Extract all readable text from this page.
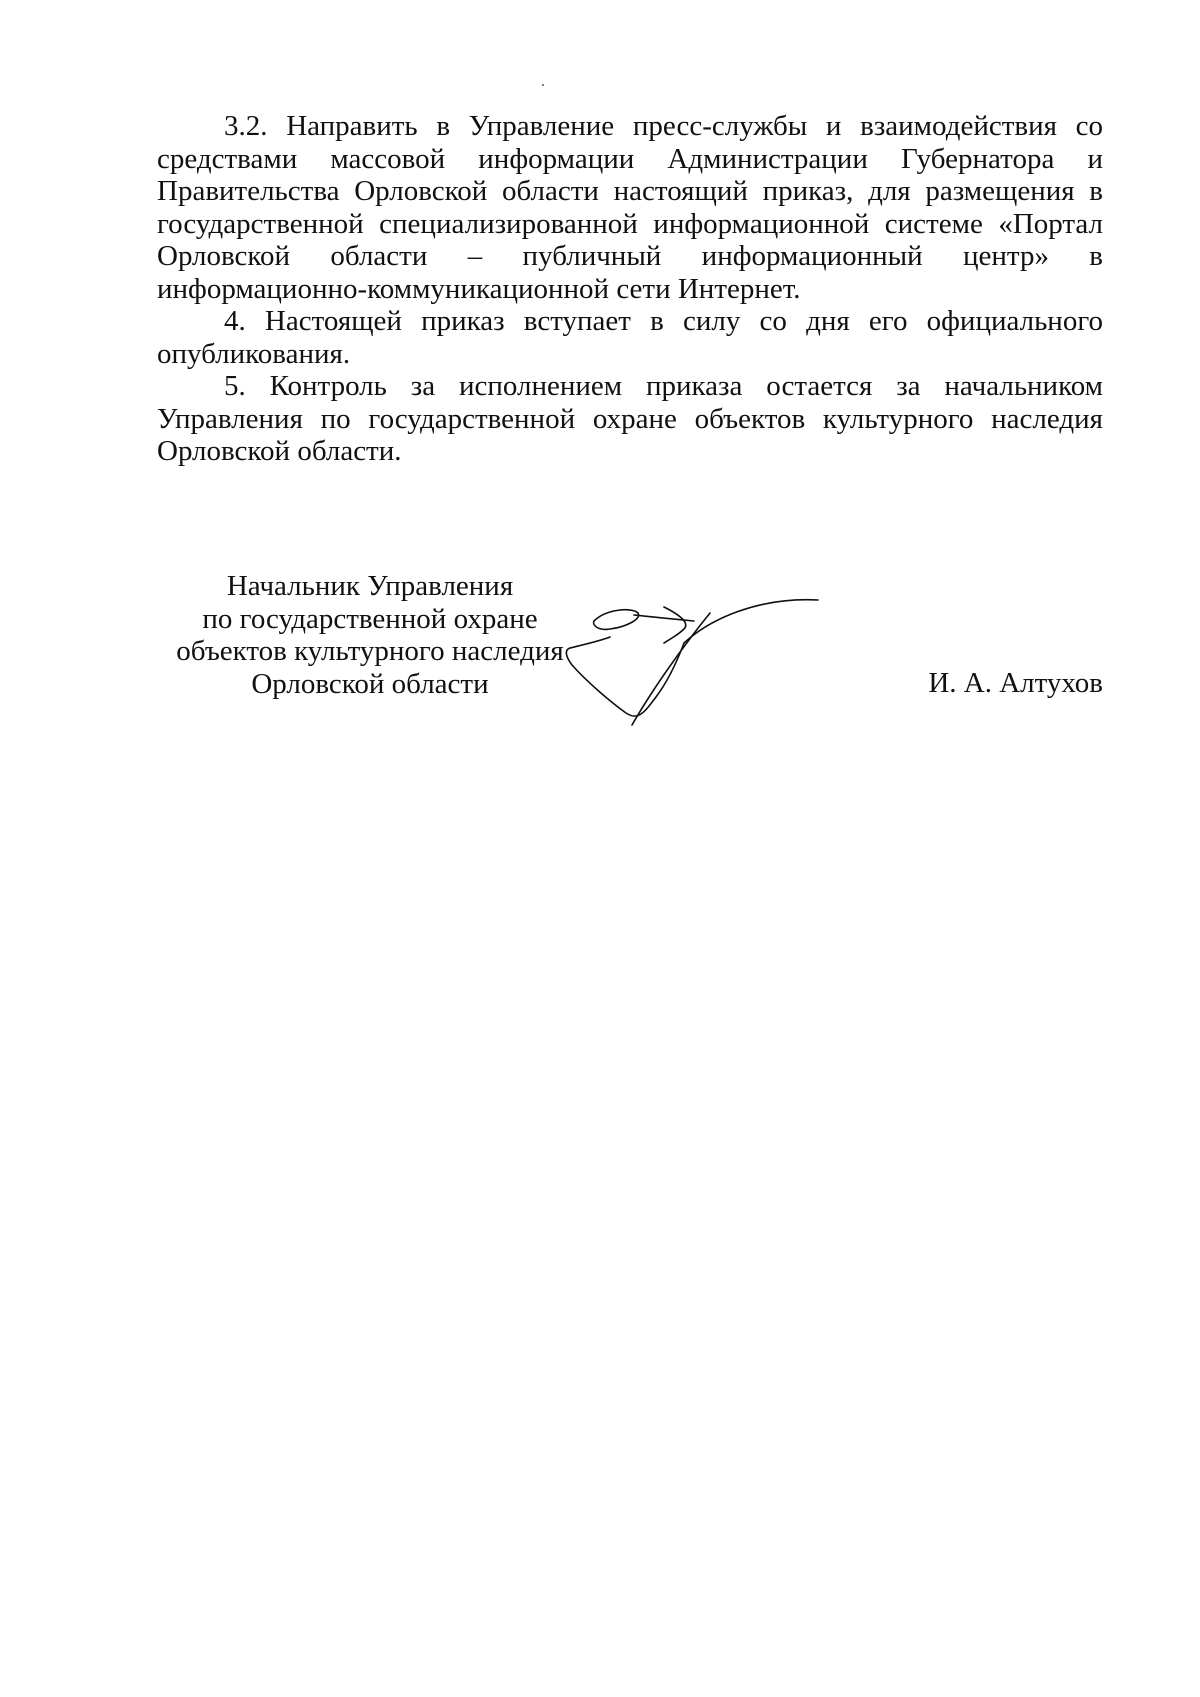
3.2. Направить в Управление пресс-службы и взаимодействия со средствами массовой информации Администрации Губернатора и Правительства Орловской области настоящий приказ, для размещения в государственной специализированной информационной системе «Портал Орловской области – публичный информационный центр» в информационно-коммуникационной сети Интернет.

4. Настоящей приказ вступает в силу со дня его официального опубликования.

5. Контроль за исполнением приказа остается за начальником Управления по государственной охране объектов культурного наследия Орловской области.

Начальник Управления
по государственной охране
объектов культурного наследия
Орловской области	И. А. Алтухов
